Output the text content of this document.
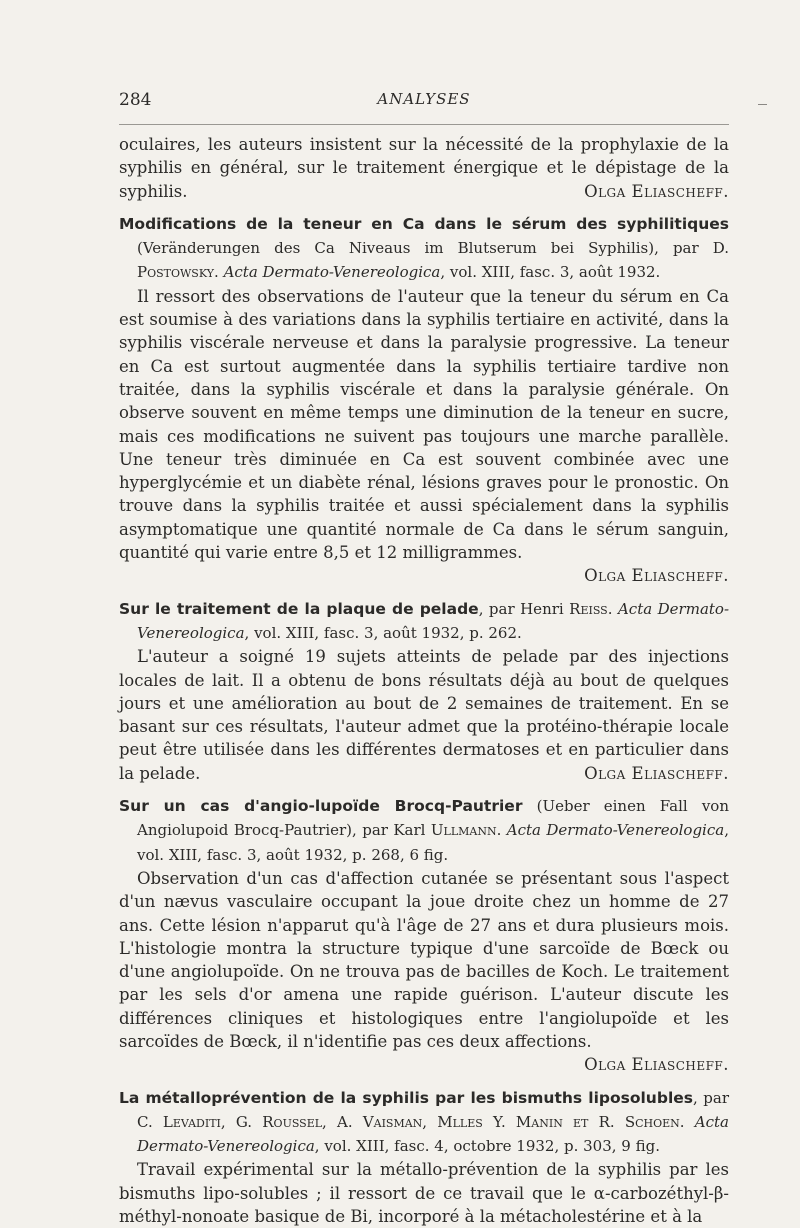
284	ANALYSES

oculaires, les auteurs insistent sur la nécessité de la prophylaxie de la syphilis en général, sur le traitement énergique et le dépistage de la syphilis.	Olga Eliascheff.

Modifications de la teneur en Ca dans le sérum des syphilitiques (Veränderungen des Ca Niveaus im Blutserum bei Syphilis), par D. Postowsky. Acta Dermato-Venereologica, vol. XIII, fasc. 3, août 1932.

Il ressort des observations de l'auteur que la teneur du sérum en Ca est soumise à des variations dans la syphilis tertiaire en activité, dans la syphilis viscérale nerveuse et dans la paralysie progressive. La teneur en Ca est surtout augmentée dans la syphilis tertiaire tardive non traitée, dans la syphilis viscérale et dans la paralysie générale. On observe souvent en même temps une diminution de la teneur en sucre, mais ces modifications ne suivent pas toujours une marche parallèle. Une teneur très diminuée en Ca est souvent combinée avec une hyperglycémie et un diabète rénal, lésions graves pour le pronostic. On trouve dans la syphilis traitée et aussi spécialement dans la syphilis asymptomatique une quantité normale de Ca dans le sérum sanguin, quantité qui varie entre 8,5 et 12 milligrammes.

Olga Eliascheff.

Sur le traitement de la plaque de pelade, par Henri Reiss. Acta Dermato-Venereologica, vol. XIII, fasc. 3, août 1932, p. 262.

L'auteur a soigné 19 sujets atteints de pelade par des injections locales de lait. Il a obtenu de bons résultats déjà au bout de quelques jours et une amélioration au bout de 2 semaines de traitement. En se basant sur ces résultats, l'auteur admet que la protéino-thérapie locale peut être utilisée dans les différentes dermatoses et en particulier dans la pelade.	Olga Eliascheff.

Sur un cas d'angio-lupoïde Brocq-Pautrier (Ueber einen Fall von Angiolupoid Brocq-Pautrier), par Karl Ullmann. Acta Dermato-Venereologica, vol. XIII, fasc. 3, août 1932, p. 268, 6 fig.

Observation d'un cas d'affection cutanée se présentant sous l'aspect d'un nævus vasculaire occupant la joue droite chez un homme de 27 ans. Cette lésion n'apparut qu'à l'âge de 27 ans et dura plusieurs mois. L'histologie montra la structure typique d'une sarcoïde de Bœck ou d'une angiolupoïde. On ne trouva pas de bacilles de Koch. Le traitement par les sels d'or amena une rapide guérison. L'auteur discute les différences cliniques et histologiques entre l'angiolupoïde et les sarcoïdes de Bœck, il n'identifie pas ces deux affections.
Olga Eliascheff.

La métalloprévention de la syphilis par les bismuths liposolubles, par C. Levaditi, G. Roussel, A. Vaisman, Mlles Y. Manin et R. Schoen. Acta Dermato-Venereologica, vol. XIII, fasc. 4, octobre 1932, p. 303, 9 fig.

Travail expérimental sur la métallo-prévention de la syphilis par les bismuths lipo-solubles ; il ressort de ce travail que le α-carbozéthyl-β-méthyl-nonoate basique de Bi, incorporé à la métacholestérine et à la
